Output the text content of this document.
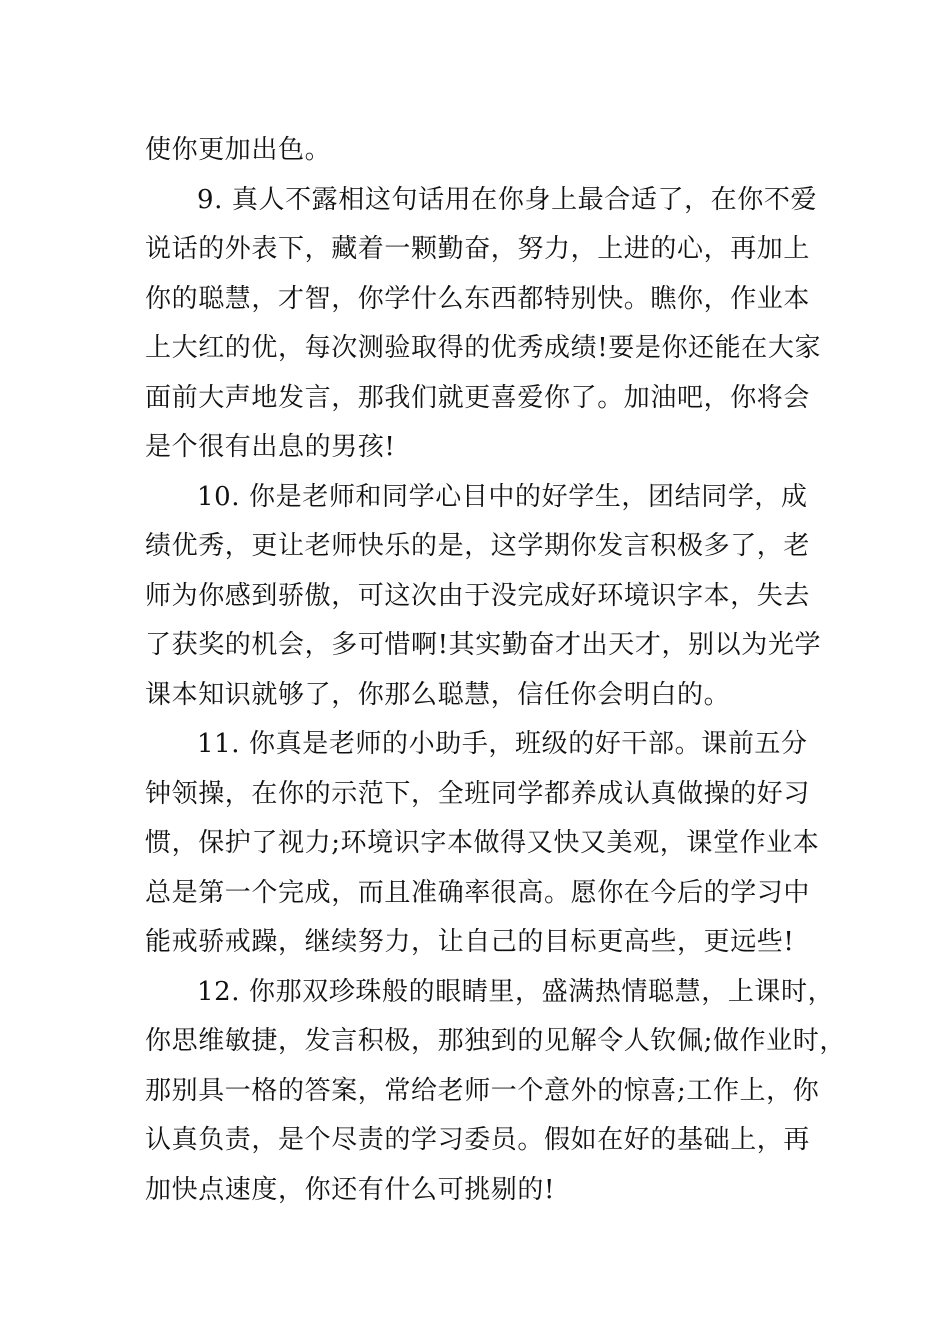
使你更加出色。
9. 真人不露相这句话用在你身上最合适了，在你不爱
说话的外表下，藏着一颗勤奋，努力，上进的心，再加上
你的聪慧，才智，你学什么东西都特别快。瞧你，作业本
上大红的优，每次测验取得的优秀成绩!要是你还能在大家
面前大声地发言，那我们就更喜爱你了。加油吧，你将会
是个很有出息的男孩!
10. 你是老师和同学心目中的好学生，团结同学，成
绩优秀，更让老师快乐的是，这学期你发言积极多了，老
师为你感到骄傲，可这次由于没完成好环境识字本，失去
了获奖的机会，多可惜啊!其实勤奋才出天才，别以为光学
课本知识就够了，你那么聪慧，信任你会明白的。
11. 你真是老师的小助手，班级的好干部。课前五分
钟领操，在你的示范下，全班同学都养成认真做操的好习
惯，保护了视力;环境识字本做得又快又美观，课堂作业本
总是第一个完成，而且准确率很高。愿你在今后的学习中
能戒骄戒躁，继续努力，让自己的目标更高些，更远些!
12. 你那双珍珠般的眼睛里，盛满热情聪慧，上课时，
你思维敏捷，发言积极，那独到的见解令人钦佩;做作业时，
那别具一格的答案，常给老师一个意外的惊喜;工作上，你
认真负责，是个尽责的学习委员。假如在好的基础上，再
加快点速度，你还有什么可挑剔的!
